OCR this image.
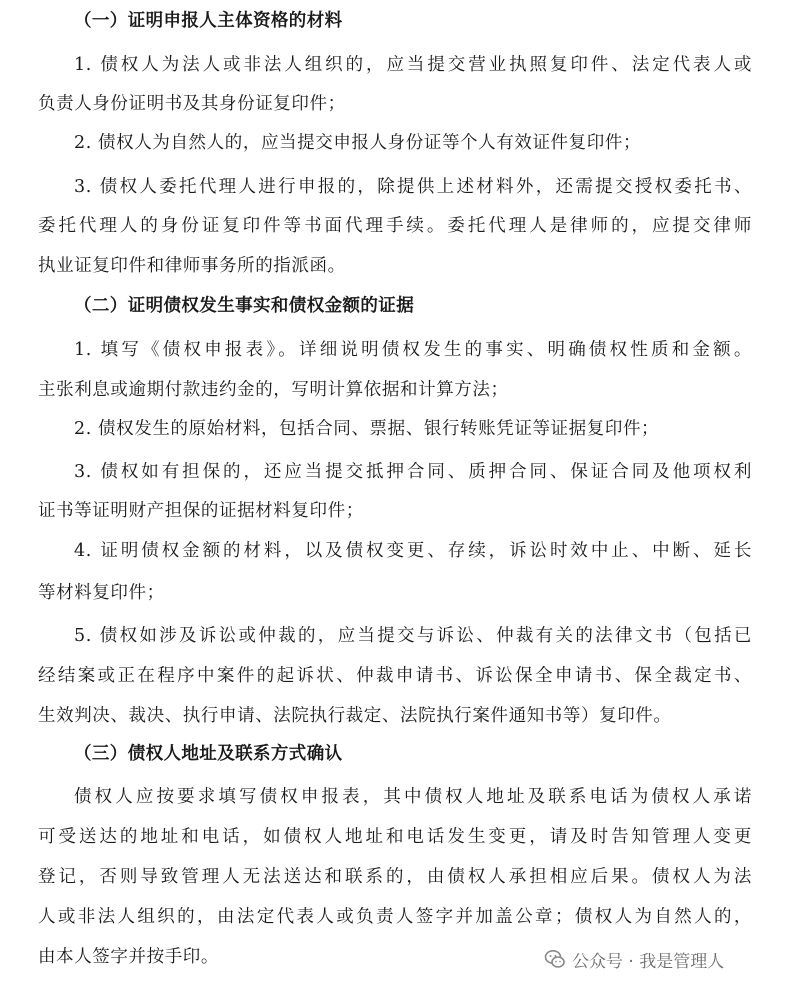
（一）证明申报人主体资格的材料
1. 债权人为法人或非法人组织的，应当提交营业执照复印件、法定代表人或
负责人身份证明书及其身份证复印件；
2. 债权人为自然人的，应当提交申报人身份证等个人有效证件复印件；
3. 债权人委托代理人进行申报的，除提供上述材料外，还需提交授权委托书、
委托代理人的身份证复印件等书面代理手续。委托代理人是律师的，应提交律师
执业证复印件和律师事务所的指派函。
（二）证明债权发生事实和债权金额的证据
1. 填写《债权申报表》。详细说明债权发生的事实、明确债权性质和金额。
主张利息或逾期付款违约金的，写明计算依据和计算方法；
2. 债权发生的原始材料，包括合同、票据、银行转账凭证等证据复印件；
3. 债权如有担保的，还应当提交抵押合同、质押合同、保证合同及他项权利
证书等证明财产担保的证据材料复印件；
4. 证明债权金额的材料，以及债权变更、存续，诉讼时效中止、中断、延长
等材料复印件；
5. 债权如涉及诉讼或仲裁的，应当提交与诉讼、仲裁有关的法律文书（包括已
经结案或正在程序中案件的起诉状、仲裁申请书、诉讼保全申请书、保全裁定书、
生效判决、裁决、执行申请、法院执行裁定、法院执行案件通知书等）复印件。
（三）债权人地址及联系方式确认
债权人应按要求填写债权申报表，其中债权人地址及联系电话为债权人承诺
可受送达的地址和电话，如债权人地址和电话发生变更，请及时告知管理人变更
登记，否则导致管理人无法送达和联系的，由债权人承担相应后果。债权人为法
人或非法人组织的，由法定代表人或负责人签字并加盖公章；债权人为自然人的，
由本人签字并按手印。	公众号 · 我是管理人
